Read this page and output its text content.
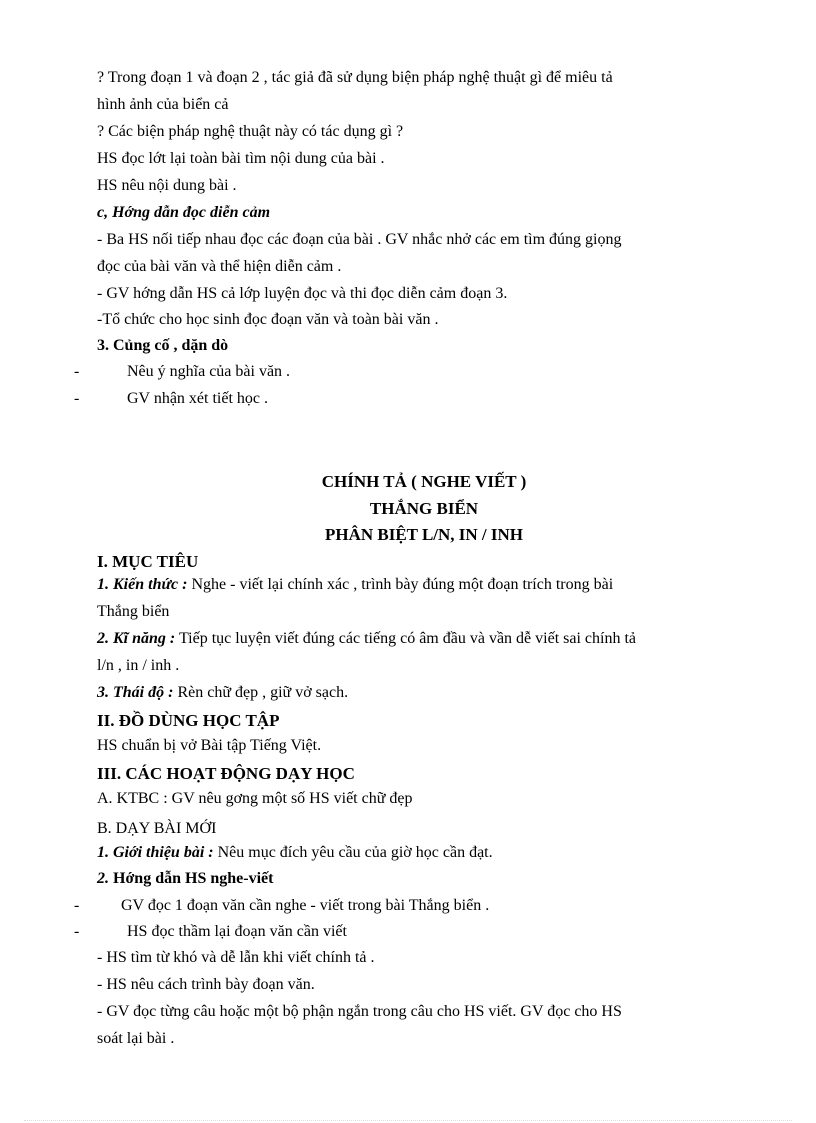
? Trong đoạn 1 và đoạn 2 , tác giả đã sử dụng biện pháp nghệ thuật gì để miêu tả
hình ảnh của biển cả
? Các biện pháp nghệ thuật này có tác dụng gì ?
HS đọc lớt lại toàn bài tìm nội dung của bài .
HS nêu nội dung bài .
c, Hớng dẫn đọc diễn cảm
- Ba HS nối tiếp nhau đọc các đoạn của bài . GV nhắc nhở các em tìm đúng giọng
đọc của bài văn và thể hiện diễn cảm .
- GV hớng dẫn HS cả lớp luyện đọc và thi đọc diễn cảm đoạn 3.
-Tổ chức cho học sinh đọc đoạn văn và toàn bài văn .
3. Củng cố , dặn dò
-	Nêu ý nghĩa của bài văn .
-	GV nhận xét tiết học .
CHÍNH TẢ ( NGHE VIẾT )
THẮNG BIỂN
PHÂN BIỆT L/N, IN / INH
I. MỤC TIÊU
1. Kiến thức : Nghe - viết lại chính xác , trình bày đúng một đoạn trích trong bài
Thắng biển
2. Kĩ năng : Tiếp tục luyện viết đúng các tiếng có âm đầu và vần dễ viết sai chính tả
l/n , in / inh .
3. Thái độ : Rèn chữ đẹp , giữ vở sạch.
II. ĐỒ DÙNG HỌC TẬP
HS chuẩn bị vở Bài tập Tiếng Việt.
III. CÁC HOẠT ĐỘNG DẠY HỌC
A. KTBC : GV nêu gơng một số HS viết chữ đẹp
B. DẠY BÀI MỚI
1. Giới thiệu bài : Nêu mục đích yêu cầu của giờ học cần đạt.
2. Hớng dẫn HS nghe-viết
-	GV đọc 1 đoạn văn cần nghe - viết trong bài Thắng biển .
-	HS đọc thầm lại đoạn văn cần viết
- HS tìm từ khó và dễ lẫn khi viết chính tả .
- HS nêu cách trình bày đoạn văn.
- GV đọc từng câu hoặc một bộ phận ngắn trong câu cho HS viết. GV đọc cho HS
soát lại bài .
